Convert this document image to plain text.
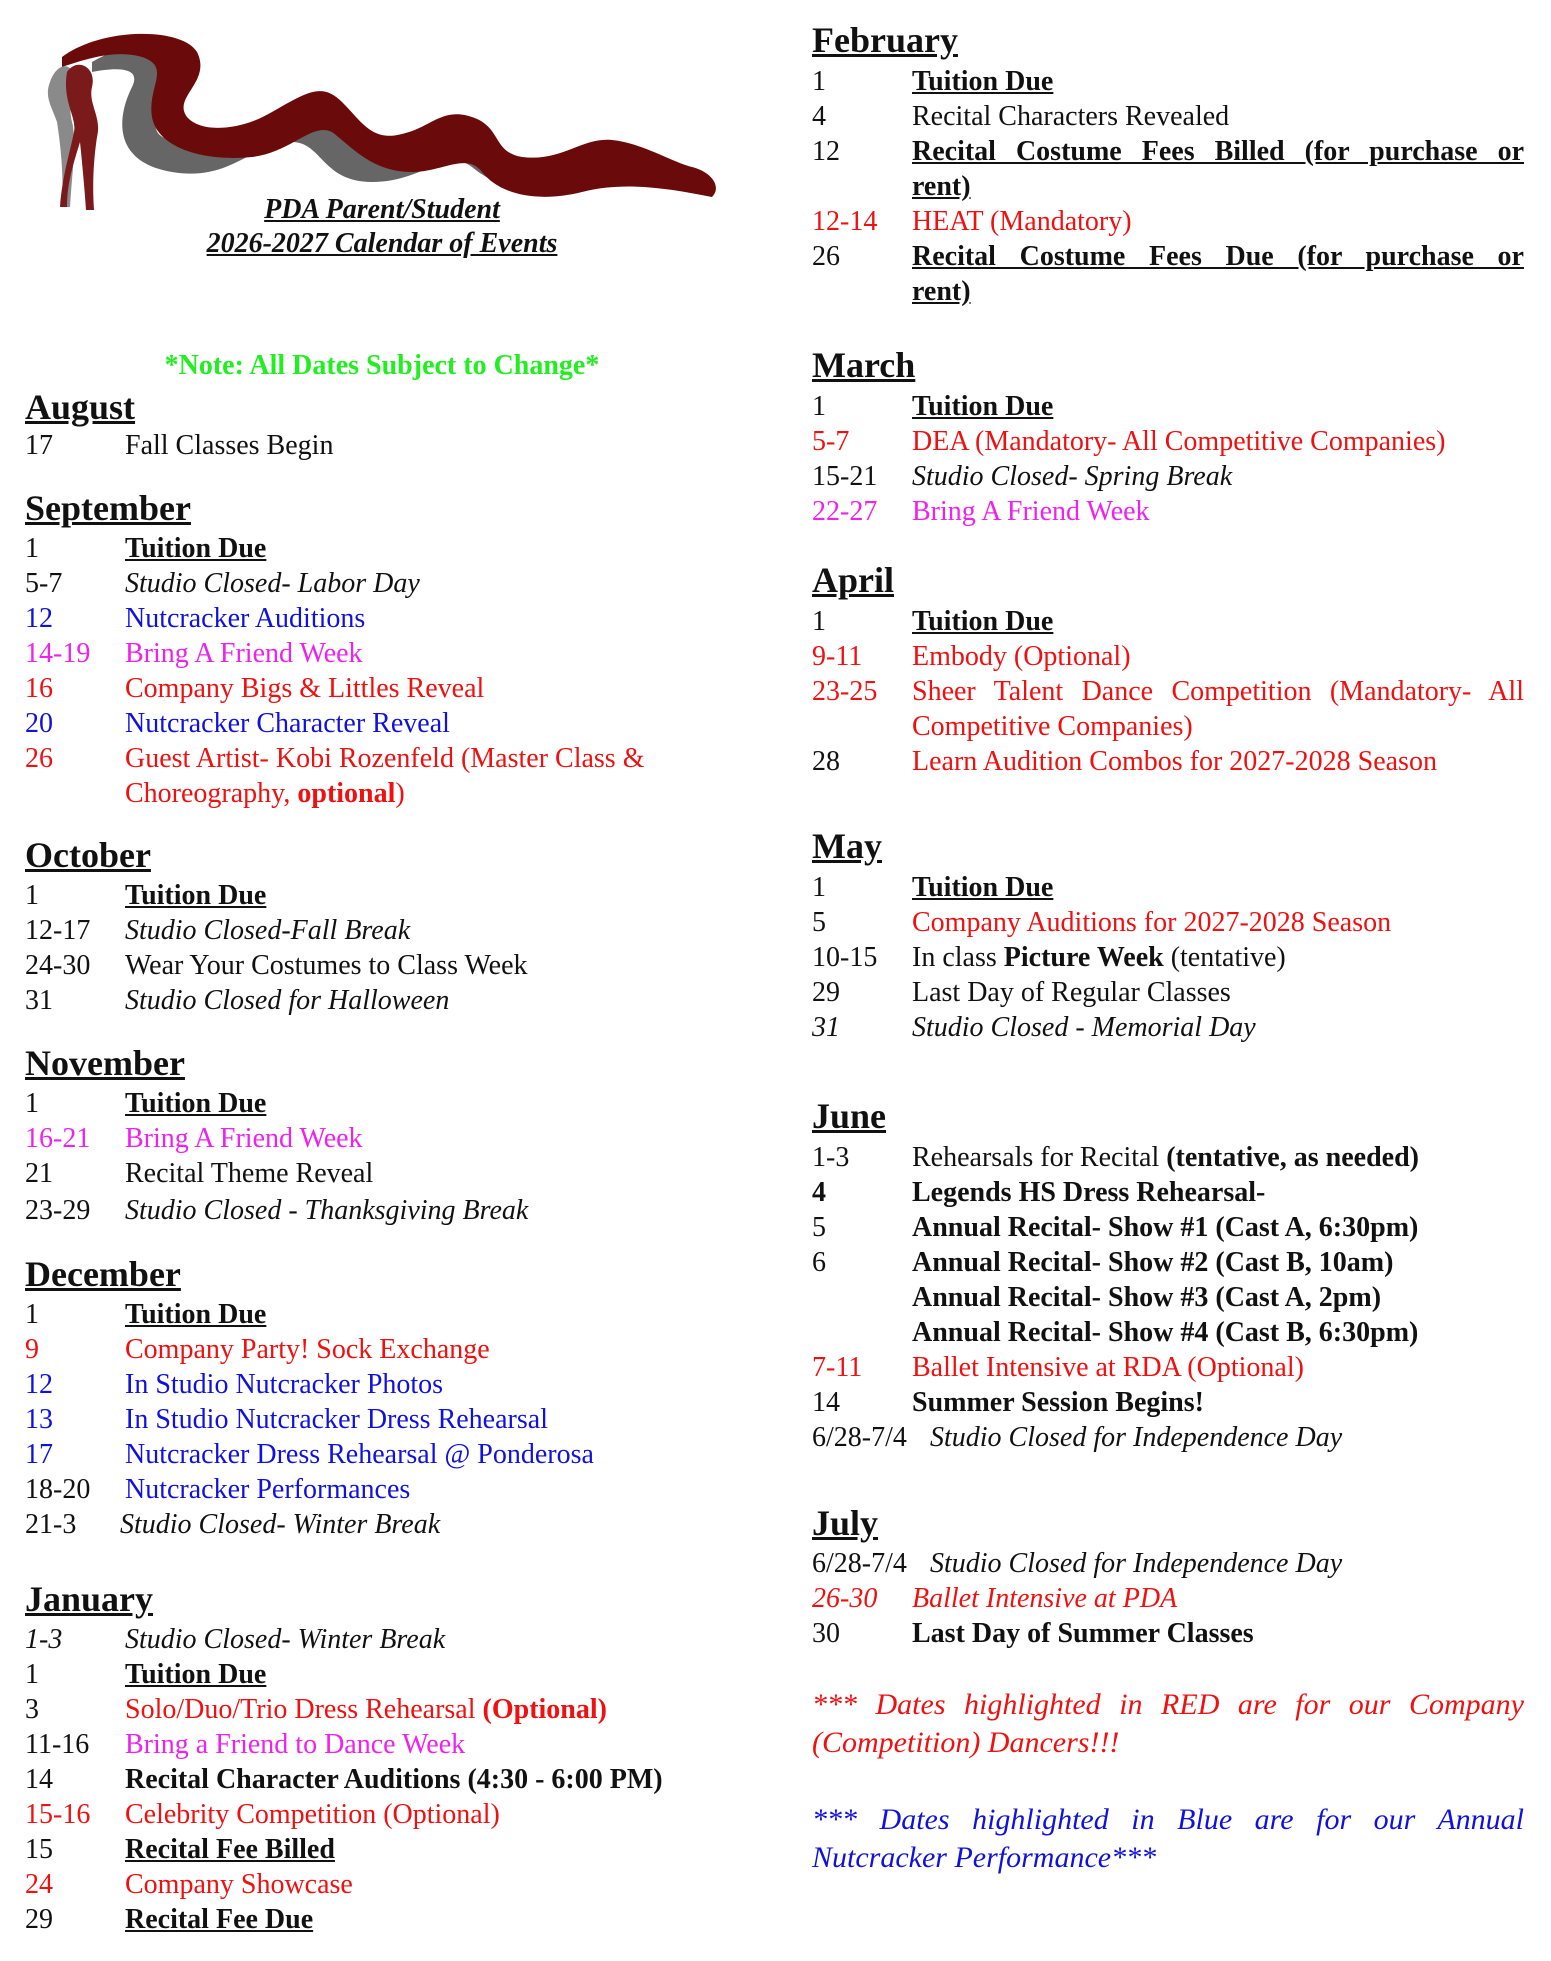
PDA Parent/Student
2026-2027 Calendar of Events
*Note: All Dates Subject to Change*
August
17	Fall Classes Begin
September
1	Tuition Due
5-7 Studio Closed- Labor Day
12	Nutcracker Auditions
14-19 Bring A Friend Week
16	Company Bigs & Littles Reveal
20	Nutcracker Character Reveal
26	Guest Artist- Kobi Rozenfeld (Master Class &
Choreography, optional)
October
1	Tuition Due
12-17 Studio Closed-Fall Break
24-30 Wear Your Costumes to Class Week
31	Studio Closed for Halloween
November
1	Tuition Due
16-21 Bring A Friend Week
21	Recital Theme Reveal
23-29 Studio Closed - Thanksgiving Break
December
1	Tuition Due
9	Company Party! Sock Exchange
12	In Studio Nutcracker Photos
13	In Studio Nutcracker Dress Rehearsal
17	Nutcracker Dress Rehearsal @ Ponderosa
18-20 Nutcracker Performances
21-3 Studio Closed- Winter Break
January
1-3 Studio Closed- Winter Break
1	Tuition Due
3	Solo/Duo/Trio Dress Rehearsal (Optional)
11-16 Bring a Friend to Dance Week
14	Recital Character Auditions (4:30 - 6:00 PM)
15-16 Celebrity Competition (Optional)
15	Recital Fee Billed
24	Company Showcase
29	Recital Fee Due
February
1	Tuition Due
4	Recital Characters Revealed
12	Recital Costume Fees Billed (for purchase or
rent)
12-14 HEAT (Mandatory)
26	Recital Costume Fees Due (for purchase or
rent)
March
1	Tuition Due
5-7 DEA (Mandatory- All Competitive Companies)
15-21 Studio Closed- Spring Break
22-27 Bring A Friend Week
April
1	Tuition Due
9-11 Embody (Optional)
23-25 Sheer Talent Dance Competition (Mandatory- All
Competitive Companies)
28	Learn Audition Combos for 2027-2028 Season
May
1	Tuition Due
5	Company Auditions for 2027-2028 Season
10-15 In class Picture Week (tentative)
29	Last Day of Regular Classes
31	Studio Closed - Memorial Day
June
1-3 Rehearsals for Recital (tentative, as needed)
4	Legends HS Dress Rehearsal-
5	Annual Recital- Show #1 (Cast A, 6:30pm)
6	Annual Recital- Show #2 (Cast B, 10am)
Annual Recital- Show #3 (Cast A, 2pm)
Annual Recital- Show #4 (Cast B, 6:30pm)
7-11 Ballet Intensive at RDA (Optional)
14	Summer Session Begins!
6/28-7/4 Studio Closed for Independence Day
July
6/28-7/4 Studio Closed for Independence Day
26-30 Ballet Intensive at PDA
30	Last Day of Summer Classes
*** Dates highlighted in RED are for our Company (Competition) Dancers!!!
*** Dates highlighted in Blue are for our Annual Nutcracker Performance***
